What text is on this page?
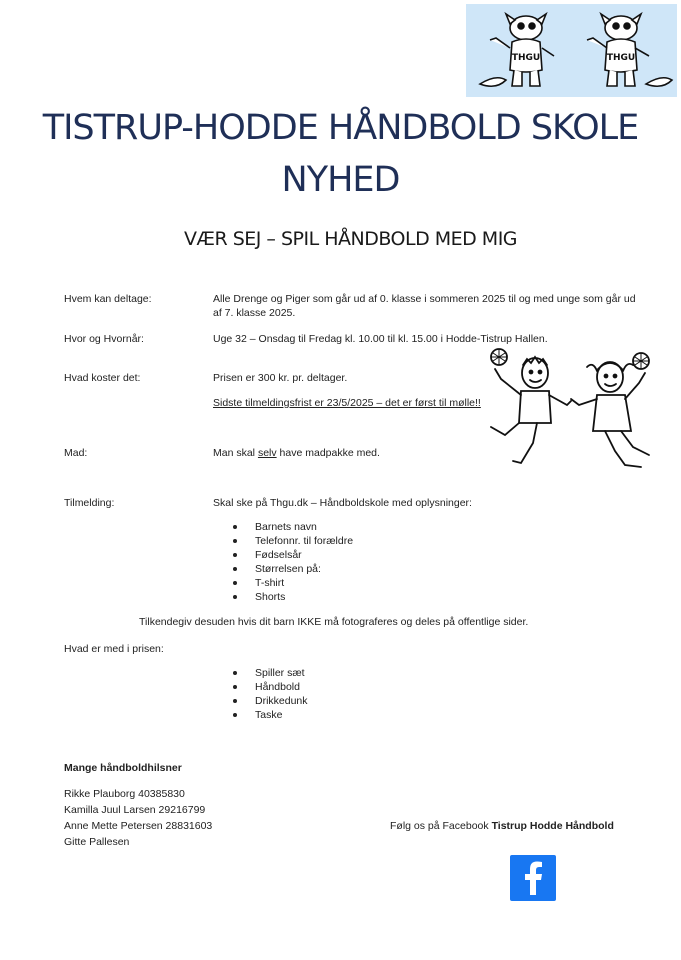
THGU	THGU
TISTRUP-HODDE HÅNDBOLD SKOLE
NYHED
VÆR SEJ – SPIL HÅNDBOLD MED MIG
Hvem kan deltage:	Alle Drenge og Piger som går ud af 0. klasse i sommeren 2025 til og med unge som går ud
af 7. klasse 2025.
Hvor og Hvornår:	Uge 32 – Onsdag til Fredag kl. 10.00 til kl. 15.00 i Hodde-Tistrup Hallen.
Hvad koster det:	Prisen er 300 kr. pr. deltager.
Sidste tilmeldingsfrist er 23/5/2025 – det er først til mølle!!
Mad:	Man skal selv have madpakke med.
Tilmelding:	Skal ske på Thgu.dk – Håndboldskole med oplysninger:
Barnets navn
Telefonnr. til forældre
Fødselsår
Størrelsen på:
T-shirt
Shorts
Tilkendegiv desuden hvis dit barn IKKE må fotograferes og deles på offentlige sider.
Hvad er med i prisen:
Spiller sæt
Håndbold
Drikkedunk
Taske
Mange håndboldhilsner
Rikke Plauborg 40385830
Kamilla Juul Larsen 29216799
Anne Mette Petersen 28831603
Gitte Pallesen
Følg os på Facebook Tistrup Hodde Håndbold
